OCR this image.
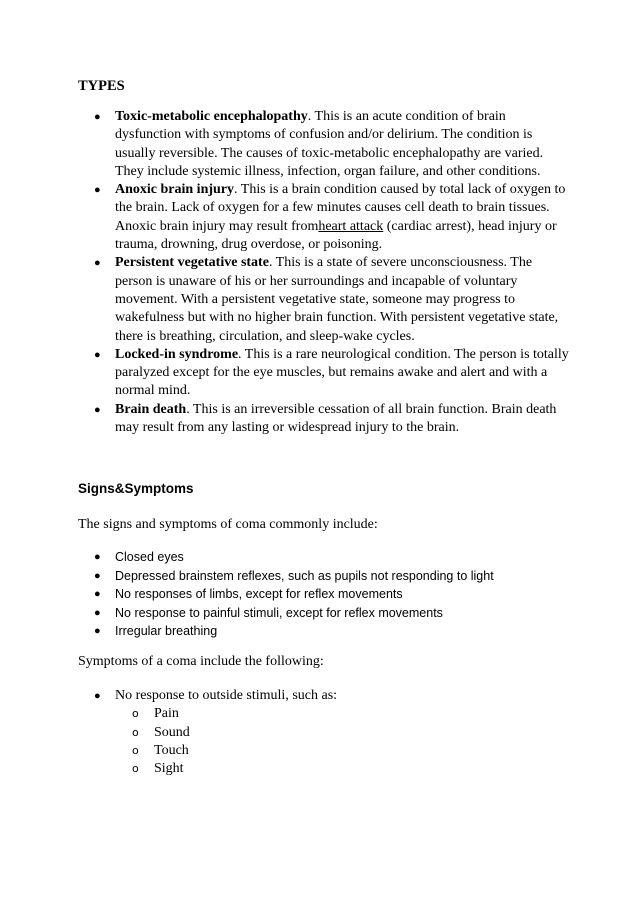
TYPES
● Toxic-metabolic encephalopathy. This is an acute condition of brain dysfunction with symptoms of confusion and/or delirium. The condition is usually reversible. The causes of toxic-metabolic encephalopathy are varied. They include systemic illness, infection, organ failure, and other conditions.
● Anoxic brain injury. This is a brain condition caused by total lack of oxygen to the brain. Lack of oxygen for a few minutes causes cell death to brain tissues. Anoxic brain injury may result fromheart attack (cardiac arrest), head injury or trauma, drowning, drug overdose, or poisoning.
● Persistent vegetative state. This is a state of severe unconsciousness. The person is unaware of his or her surroundings and incapable of voluntary movement. With a persistent vegetative state, someone may progress to wakefulness but with no higher brain function. With persistent vegetative state, there is breathing, circulation, and sleep-wake cycles.
● Locked-in syndrome. This is a rare neurological condition. The person is totally paralyzed except for the eye muscles, but remains awake and alert and with a normal mind.
● Brain death. This is an irreversible cessation of all brain function. Brain death may result from any lasting or widespread injury to the brain.
Signs&Symptoms
The signs and symptoms of coma commonly include:
● Closed eyes
● Depressed brainstem reflexes, such as pupils not responding to light
● No responses of limbs, except for reflex movements
● No response to painful stimuli, except for reflex movements
● Irregular breathing
Symptoms of a coma include the following:
● No response to outside stimuli, such as:
o Pain
o Sound
o Touch
o Sight
